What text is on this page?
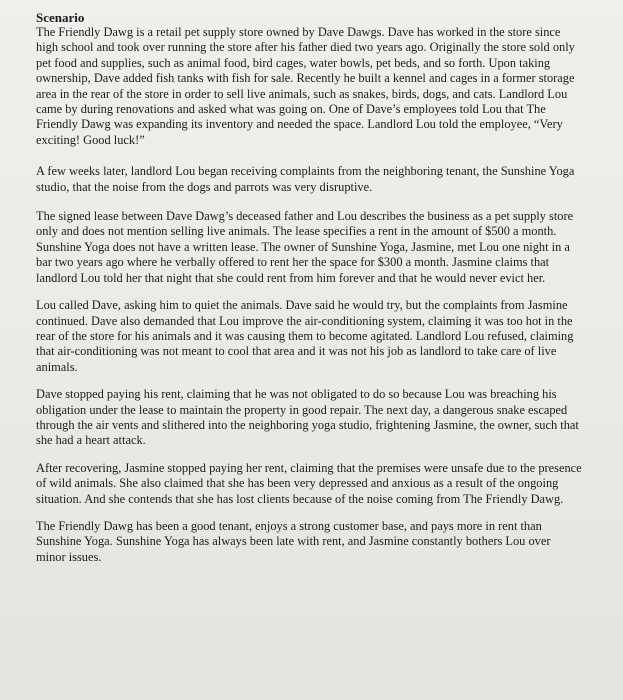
Scenario

The Friendly Dawg is a retail pet supply store owned by Dave Dawgs. Dave has worked in the store since high school and took over running the store after his father died two years ago. Originally the store sold only pet food and supplies, such as animal food, bird cages, water bowls, pet beds, and so forth. Upon taking ownership, Dave added fish tanks with fish for sale. Recently he built a kennel and cages in a former storage area in the rear of the store in order to sell live animals, such as snakes, birds, dogs, and cats. Landlord Lou came by during renovations and asked what was going on. One of Dave’s employees told Lou that The Friendly Dawg was expanding its inventory and needed the space. Landlord Lou told the employee, “Very exciting! Good luck!”

A few weeks later, landlord Lou began receiving complaints from the neighboring tenant, the Sunshine Yoga studio, that the noise from the dogs and parrots was very disruptive.

The signed lease between Dave Dawg’s deceased father and Lou describes the business as a pet supply store only and does not mention selling live animals. The lease specifies a rent in the amount of $500 a month. Sunshine Yoga does not have a written lease. The owner of Sunshine Yoga, Jasmine, met Lou one night in a bar two years ago where he verbally offered to rent her the space for $300 a month. Jasmine claims that landlord Lou told her that night that she could rent from him forever and that he would never evict her.

Lou called Dave, asking him to quiet the animals. Dave said he would try, but the complaints from Jasmine continued. Dave also demanded that Lou improve the air-conditioning system, claiming it was too hot in the rear of the store for his animals and it was causing them to become agitated. Landlord Lou refused, claiming that air-conditioning was not meant to cool that area and it was not his job as landlord to take care of live animals.

Dave stopped paying his rent, claiming that he was not obligated to do so because Lou was breaching his obligation under the lease to maintain the property in good repair. The next day, a dangerous snake escaped through the air vents and slithered into the neighboring yoga studio, frightening Jasmine, the owner, such that she had a heart attack.

After recovering, Jasmine stopped paying her rent, claiming that the premises were unsafe due to the presence of wild animals. She also claimed that she has been very depressed and anxious as a result of the ongoing situation. And she contends that she has lost clients because of the noise coming from The Friendly Dawg.

The Friendly Dawg has been a good tenant, enjoys a strong customer base, and pays more in rent than Sunshine Yoga. Sunshine Yoga has always been late with rent, and Jasmine constantly bothers Lou over minor issues.
